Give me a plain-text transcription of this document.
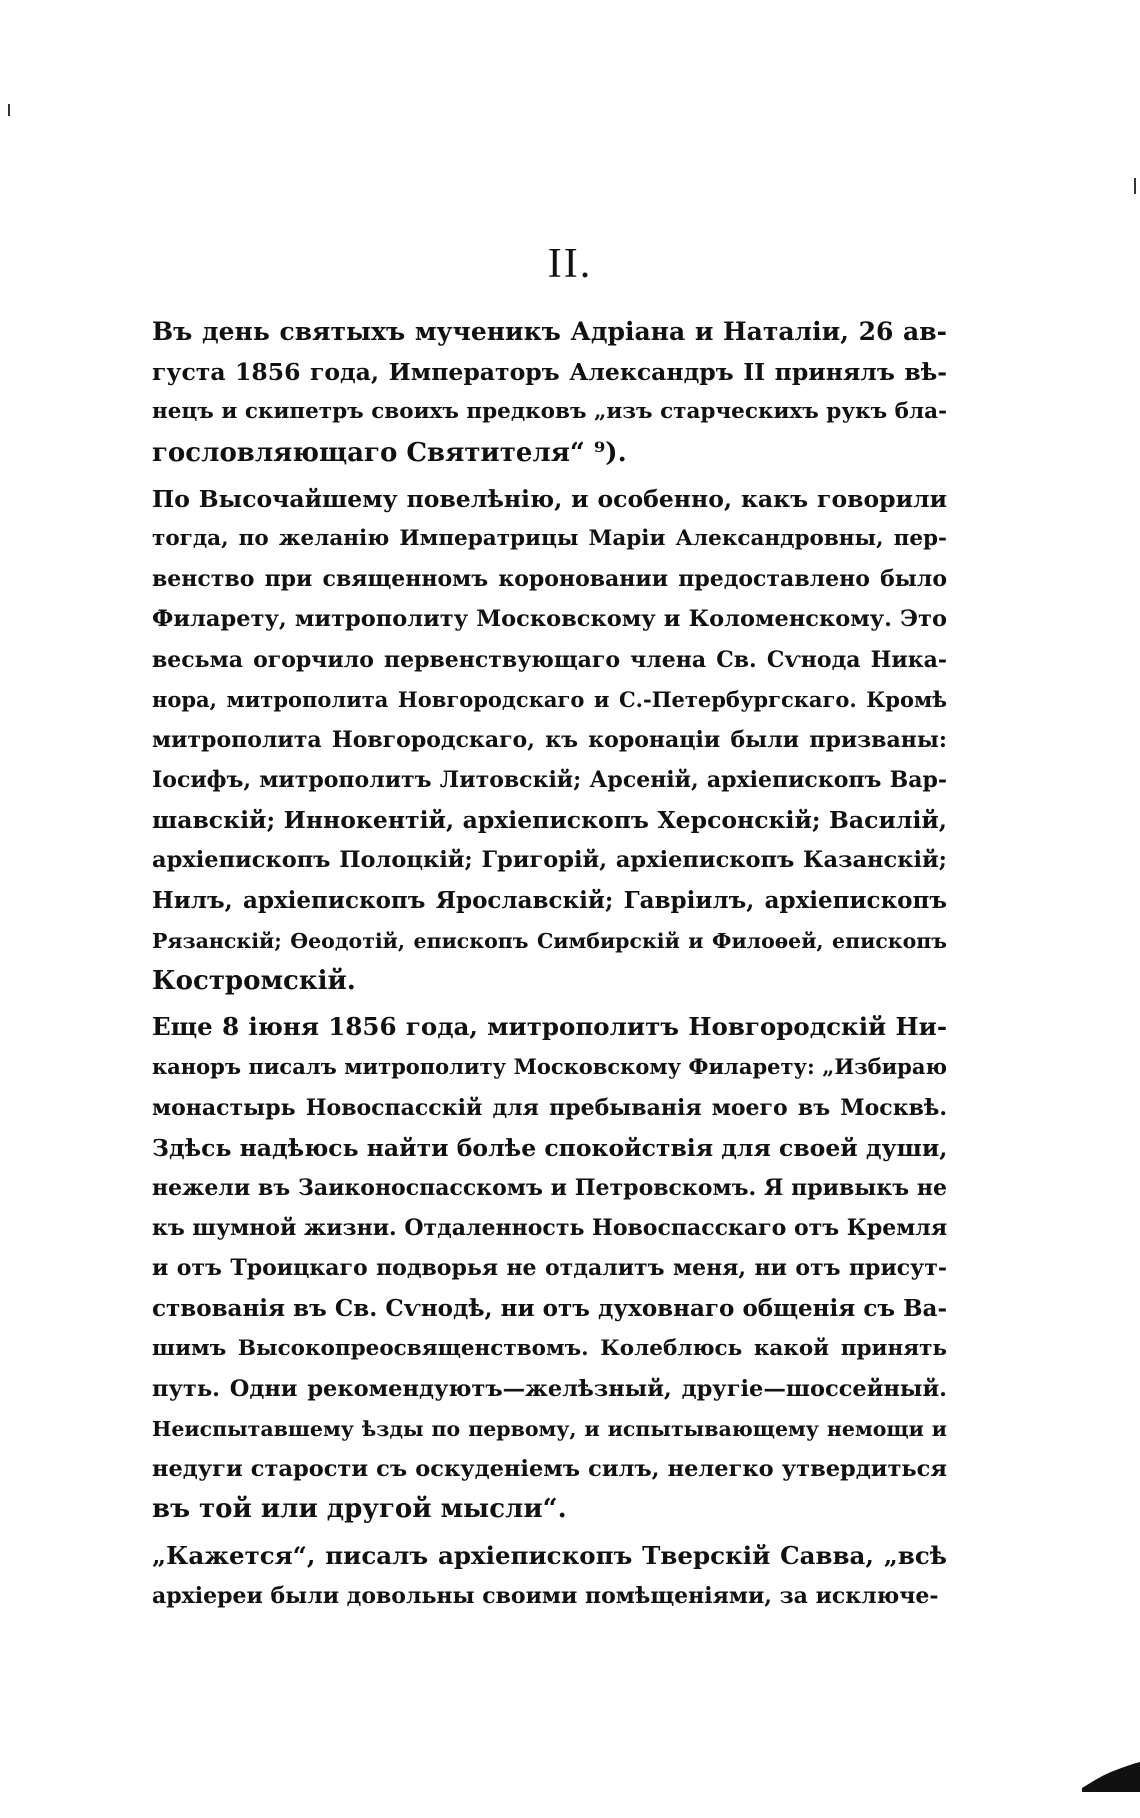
II.
Въ день святыхъ мученикъ Адріана и Наталіи, 26 ав-
густа 1856 года, Императоръ Александръ II принялъ вѣ-
нецъ и скипетръ своихъ предковъ „изъ старческихъ рукъ бла-
гословляющаго Святителя“ ⁹).
По Высочайшему повелѣнію, и особенно, какъ говорили
тогда, по желанію Императрицы Маріи Александровны, пер-
венство при священномъ короновании предоставлено было
Филарету, митрополиту Московскому и Коломенскому. Это
весьма огорчило первенствующаго члена Св. Сѵнода Ника-
нора, митрополита Новгородскаго и С.-Петербургскаго. Кромѣ
митрополита Новгородскаго, къ коронаціи были призваны:
Іосифъ, митрополитъ Литовскій; Арсеній, архіепископъ Вар-
шавскій; Иннокентій, архіепископъ Херсонскій; Василій,
архіепископъ Полоцкій; Григорій, архіепископъ Казанскій;
Нилъ, архіепископъ Ярославскій; Гавріилъ, архіепископъ
Рязанскій; Ѳеодотій, епископъ Симбирскій и Филоѳей, епископъ
Костромскій.
Еще 8 іюня 1856 года, митрополитъ Новгородскій Ни-
каноръ писалъ митрополиту Московскому Филарету: „Избираю
монастырь Новоспасскій для пребыванія моего въ Москвѣ.
Здѣсь надѣюсь найти болѣе спокойствія для своей души,
нежели въ Заиконоспасскомъ и Петровскомъ. Я привыкъ не
къ шумной жизни. Отдаленность Новоспасскаго отъ Кремля
и отъ Троицкаго подворья не отдалитъ меня, ни отъ присут-
ствованія въ Св. Сѵнодѣ, ни отъ духовнаго общенія съ Ва-
шимъ Высокопреосвященствомъ. Колеблюсь какой принять
путь. Одни рекомендуютъ—желѣзный, другіе—шоссейный.
Неиспытавшему ѣзды по первому, и испытывающему немощи и
недуги старости съ оскуденіемъ силъ, нелегко утвердиться
въ той или другой мысли“.
„Кажется“, писалъ архіепископъ Тверскій Савва, „всѣ
архіереи были довольны своими помѣщеніями, за исключе-
